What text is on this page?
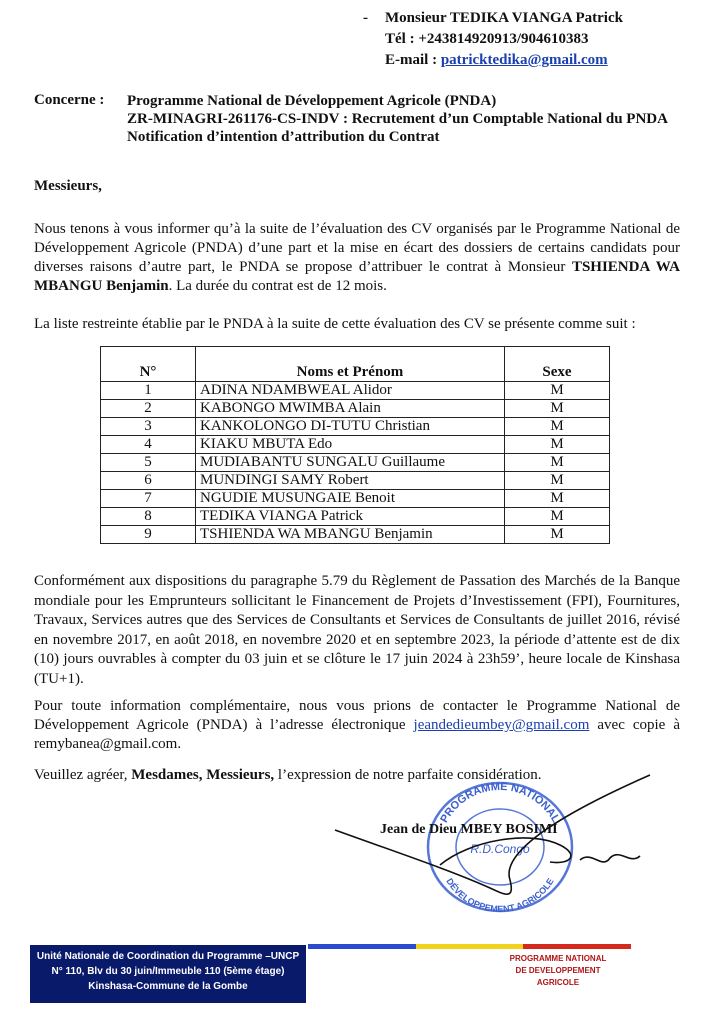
-	Monsieur TEDIKA VIANGA Patrick
Tél : +243814920913/904610383
E-mail : patricktedika@gmail.com
Concerne : Programme National de Développement Agricole (PNDA)
ZR-MINAGRI-261176-CS-INDV : Recrutement d’un Comptable National du PNDA
Notification d’intention d’attribution du Contrat
Messieurs,

Nous tenons à vous informer qu’à la suite de l’évaluation des CV organisés par le Programme National de Développement Agricole (PNDA) d’une part et la mise en écart des dossiers de certains candidats pour diverses raisons d’autre part, le PNDA se propose d’attribuer le contrat à Monsieur TSHIENDA WA MBANGU Benjamin. La durée du contrat est de 12 mois.

La liste restreinte établie par le PNDA à la suite de cette évaluation des CV se présente comme suit :

N°	Noms et Prénom	Sexe
1	ADINA NDAMBWEAL Alidor	M
2	KABONGO MWIMBA Alain	M
3	KANKOLONGO DI-TUTU Christian	M
4	KIAKU MBUTA Edo	M
5	MUDIABANTU SUNGALU Guillaume	M
6	MUNDINGI SAMY Robert	M
7	NGUDIE MUSUNGAIE Benoit	M
8	TEDIKA VIANGA Patrick	M
9	TSHIENDA WA MBANGU Benjamin	M

Conformément aux dispositions du paragraphe 5.79 du Règlement de Passation des Marchés de la Banque mondiale pour les Emprunteurs sollicitant le Financement de Projets d’Investissement (FPI), Fournitures, Travaux, Services autres que des Services de Consultants et Services de Consultants de juillet 2016, révisé en novembre 2017, en août 2018, en novembre 2020 et en septembre 2023, la période d’attente est de dix (10) jours ouvrables à compter du 03 juin et se clôture le 17 juin 2024 à 23h59’, heure locale de Kinshasa (TU+1).

Pour toute information complémentaire, nous vous prions de contacter le Programme National de Développement Agricole (PNDA) à l’adresse électronique jeandedieumbey@gmail.com avec copie à remybanea@gmail.com.

Veuillez agréer, Mesdames, Messieurs, l’expression de notre parfaite considération.

PROGRAMME NATIONAL
DÉVELOPPEMENT AGRICOLE
R.D.Congo
Jean de Dieu MBEY BOSIMI
Unité Nationale de Coordination du Programme –UNCP
N° 110, Blv du 30 juin/Immeuble 110 (5ème étage)
Kinshasa-Commune de la Gombe
PROGRAMME NATIONAL
DE DEVELOPPEMENT
AGRICOLE
